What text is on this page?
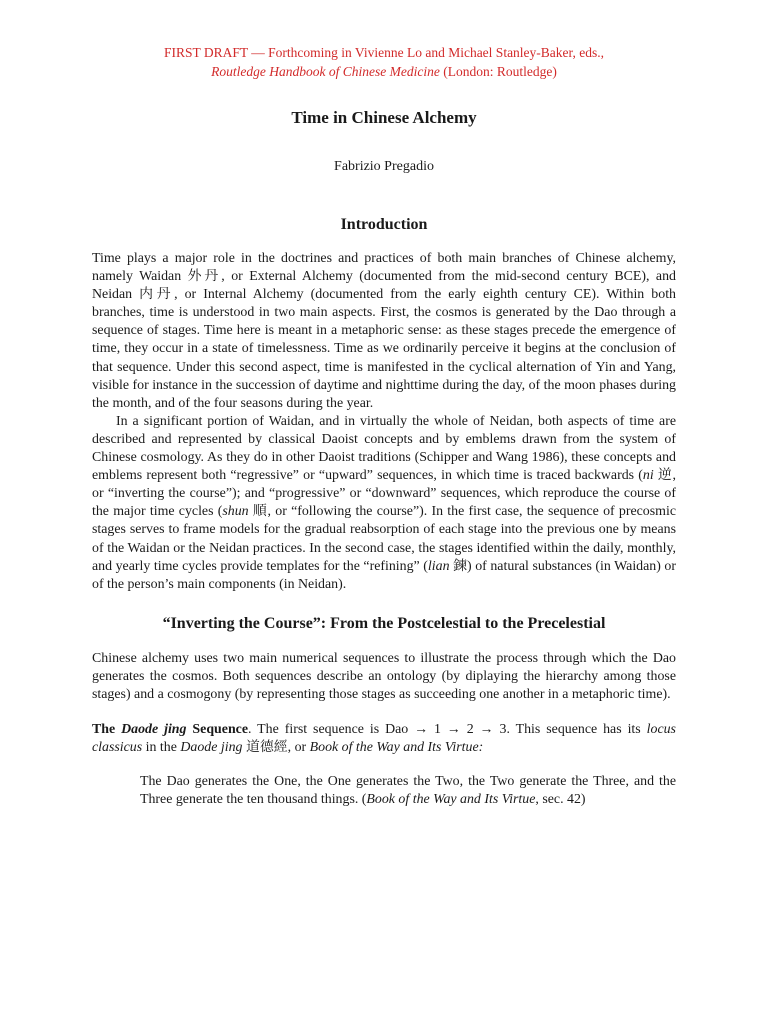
FIRST DRAFT — Forthcoming in Vivienne Lo and Michael Stanley-Baker, eds.,
Routledge Handbook of Chinese Medicine (London: Routledge)
Time in Chinese Alchemy
Fabrizio Pregadio
Introduction

Time plays a major role in the doctrines and practices of both main branches of Chinese alchemy, namely Waidan 外丹, or External Alchemy (documented from the mid-second century BCE), and Neidan 内丹, or Internal Alchemy (documented from the early eighth century CE). Within both branches, time is understood in two main aspects. First, the cosmos is generated by the Dao through a sequence of stages. Time here is meant in a metaphoric sense: as these stages precede the emergence of time, they occur in a state of timelessness. Time as we ordinarily perceive it begins at the conclusion of that sequence. Under this second aspect, time is manifested in the cyclical alternation of Yin and Yang, visible for instance in the succession of daytime and nighttime during the day, of the moon phases during the month, and of the four seasons during the year.

In a significant portion of Waidan, and in virtually the whole of Neidan, both aspects of time are described and represented by classical Daoist concepts and by emblems drawn from the system of Chinese cosmology. As they do in other Daoist traditions (Schipper and Wang 1986), these concepts and emblems represent both “regressive” or “upward” sequences, in which time is traced backwards (ni 逆, or “inverting the course”); and “progressive” or “downward” sequences, which reproduce the course of the major time cycles (shun 順, or “following the course”). In the first case, the sequence of precosmic stages serves to frame models for the gradual reabsorption of each stage into the previous one by means of the Waidan or the Neidan practices. In the second case, the stages identified within the daily, monthly, and yearly time cycles provide templates for the “refining” (lian 鍊) of natural substances (in Waidan) or of the person’s main components (in Neidan).

“Inverting the Course”: From the Postcelestial to the Precelestial

Chinese alchemy uses two main numerical sequences to illustrate the process through which the Dao generates the cosmos. Both sequences describe an ontology (by diplaying the hierarchy among those stages) and a cosmogony (by representing those stages as succeeding one another in a metaphoric time).

The Daode jing Sequence. The first sequence is Dao → 1 → 2 → 3. This sequence has its locus classicus in the Daode jing 道德經, or Book of the Way and Its Virtue:

The Dao generates the One, the One generates the Two, the Two generate the Three, and the Three generate the ten thousand things. (Book of the Way and Its Virtue, sec. 42)
